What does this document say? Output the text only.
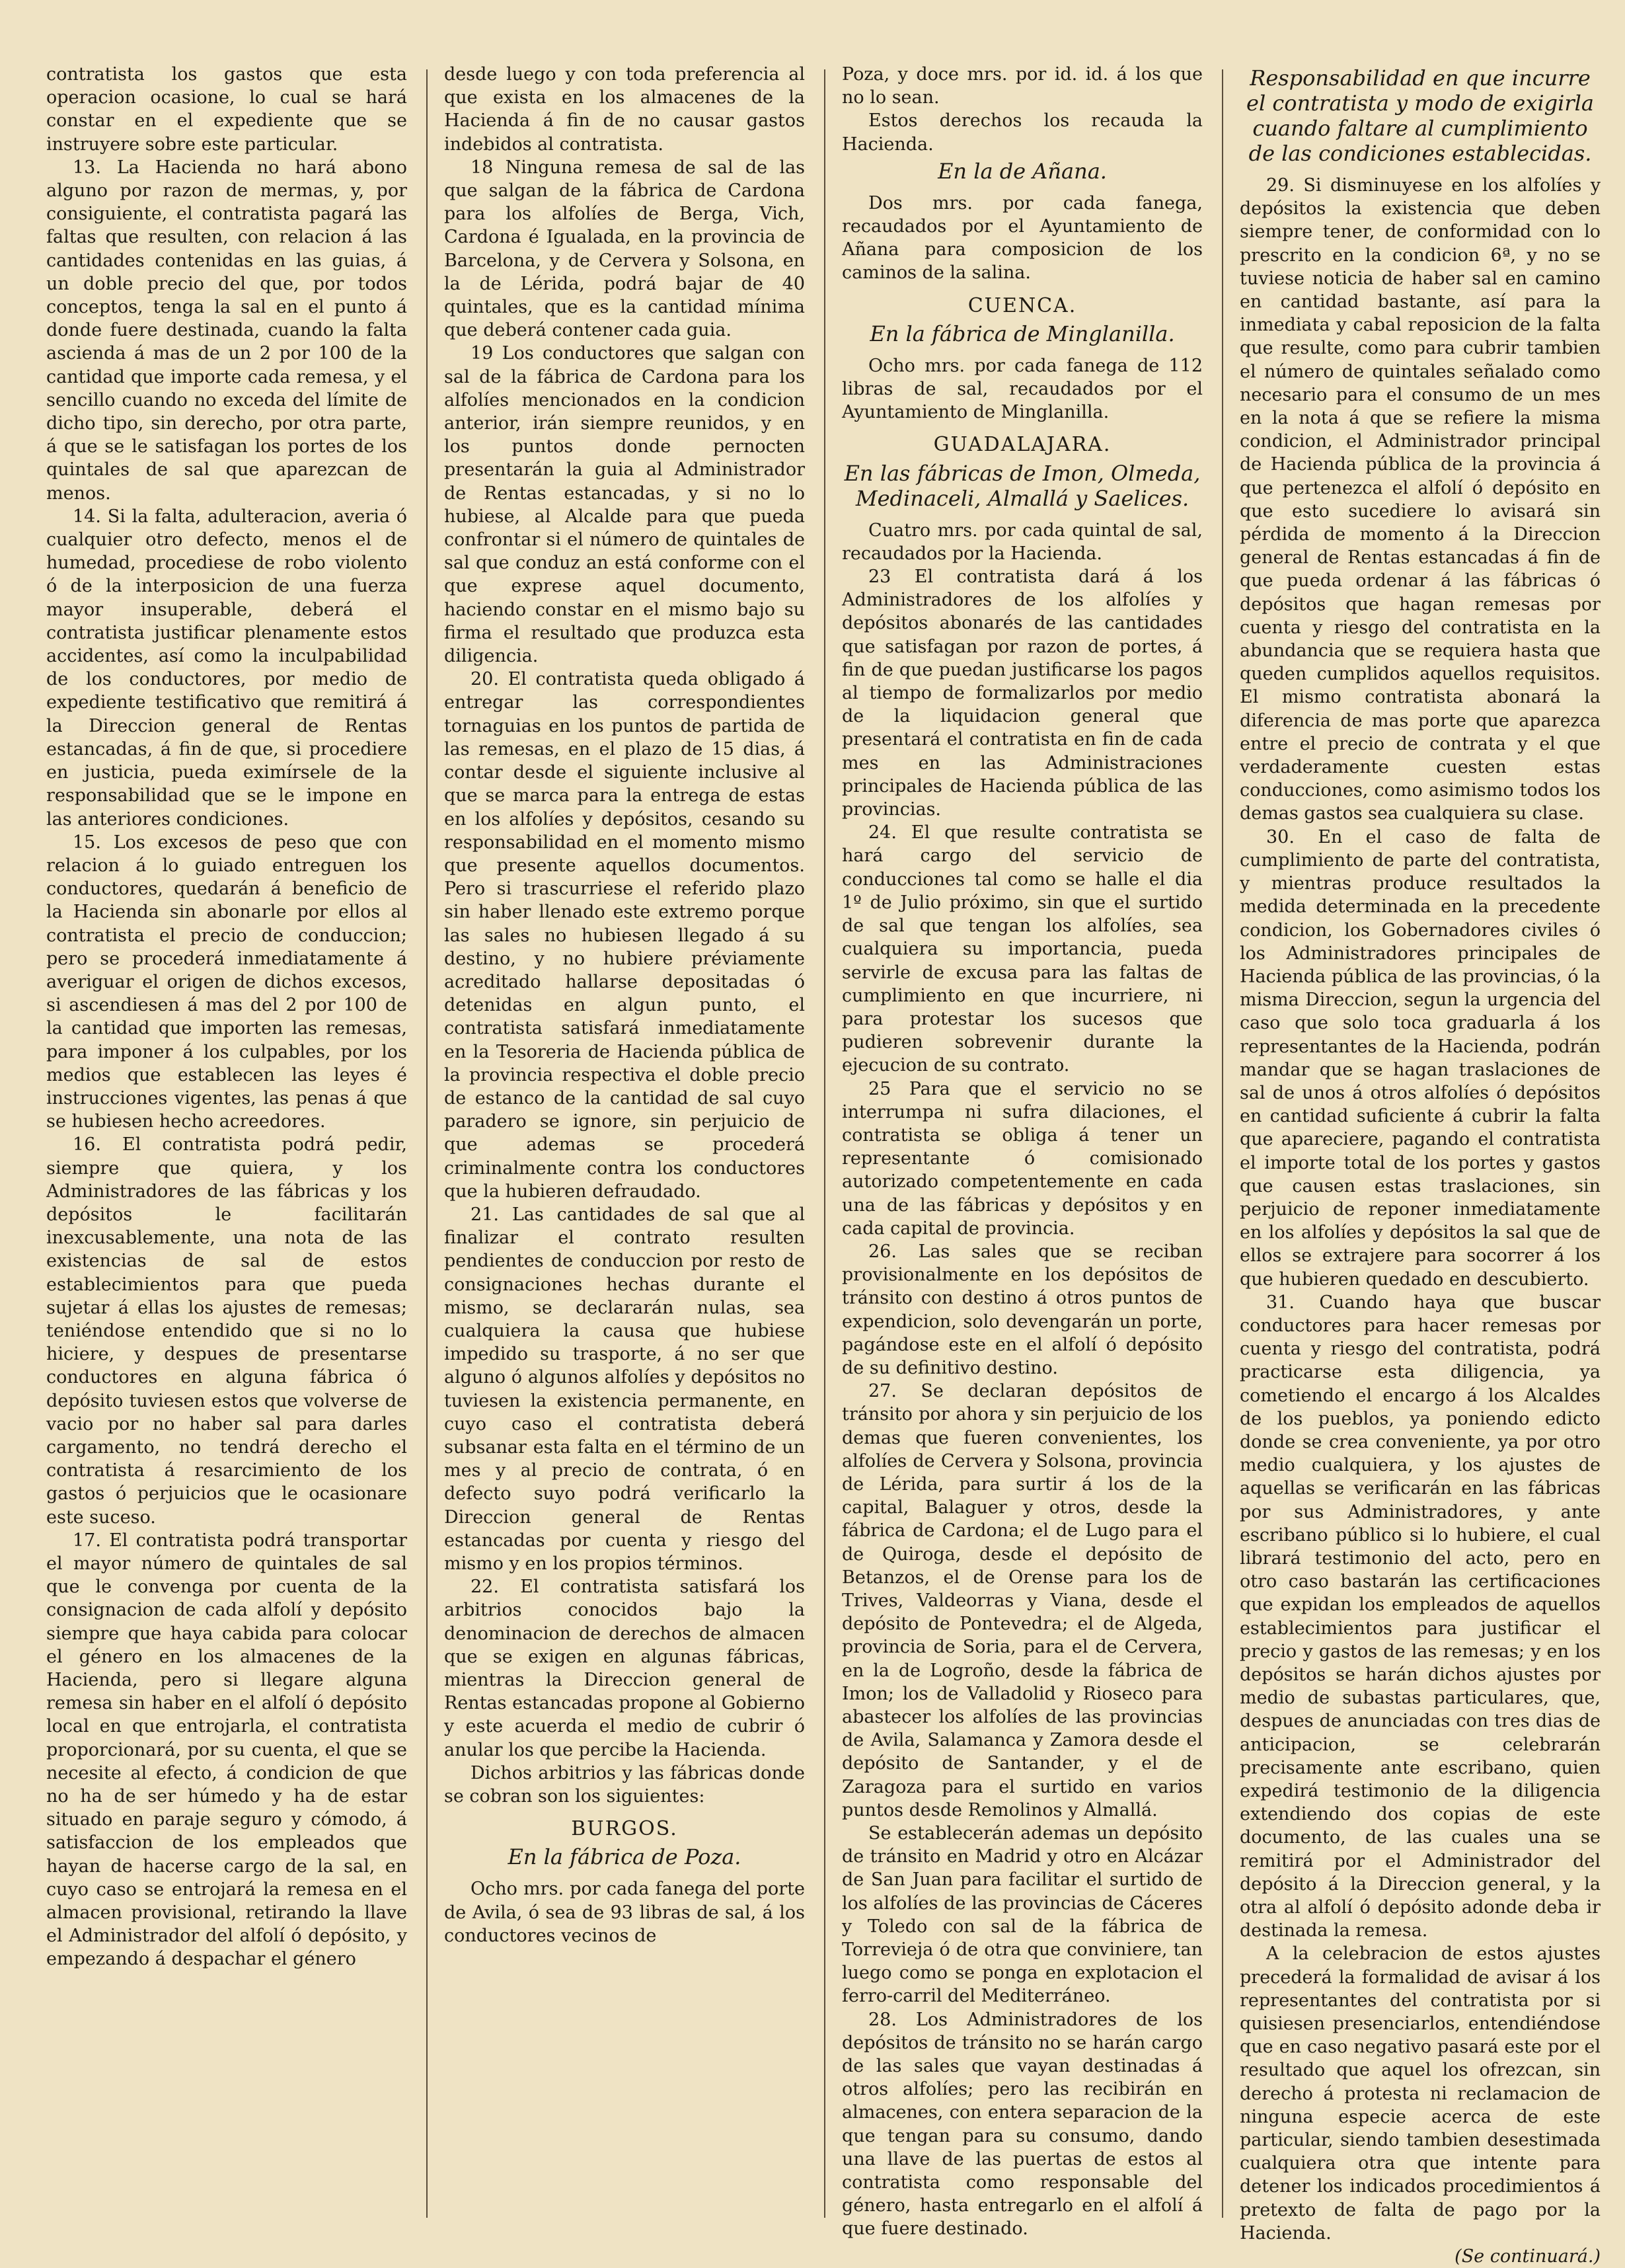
contratista los gastos que esta operacion ocasione, lo cual se hará constar en el expediente que se instruyere sobre este particular.

13. La Hacienda no hará abono alguno por razon de mermas, y, por consiguiente, el contratista pagará las faltas que resulten, con relacion á las cantidades contenidas en las guias, á un doble precio del que, por todos conceptos, tenga la sal en el punto á donde fuere destinada, cuando la falta ascienda á mas de un 2 por 100 de la cantidad que importe cada remesa, y el sencillo cuando no exceda del límite de dicho tipo, sin derecho, por otra parte, á que se le satisfagan los portes de los quintales de sal que aparezcan de menos.

14. Si la falta, adulteracion, averia ó cualquier otro defecto, menos el de humedad, procediese de robo violento ó de la interposicion de una fuerza mayor insuperable, deberá el contratista justificar plenamente estos accidentes, así como la inculpabilidad de los conductores, por medio de expediente testificativo que remitirá á la Direccion general de Rentas estancadas, á fin de que, si procediere en justicia, pueda eximírsele de la responsabilidad que se le impone en las anteriores condiciones.

15. Los excesos de peso que con relacion á lo guiado entreguen los conductores, quedarán á beneficio de la Hacienda sin abonarle por ellos al contratista el precio de conduccion; pero se procederá inmediatamente á averiguar el origen de dichos excesos, si ascendiesen á mas del 2 por 100 de la cantidad que importen las remesas, para imponer á los culpables, por los medios que establecen las leyes é instrucciones vigentes, las penas á que se hubiesen hecho acreedores.

16. El contratista podrá pedir, siempre que quiera, y los Administradores de las fábricas y los depósitos le facilitarán inexcusablemente, una nota de las existencias de sal de estos establecimientos para que pueda sujetar á ellas los ajustes de remesas; teniéndose entendido que si no lo hiciere, y despues de presentarse conductores en alguna fábrica ó depósito tuviesen estos que volverse de vacio por no haber sal para darles cargamento, no tendrá derecho el contratista á resarcimiento de los gastos ó perjuicios que le ocasionare este suceso.

17. El contratista podrá transportar el mayor número de quintales de sal que le convenga por cuenta de la consignacion de cada alfolí y depósito siempre que haya cabida para colocar el género en los almacenes de la Hacienda, pero si llegare alguna remesa sin haber en el alfolí ó depósito local en que entrojarla, el contratista proporcionará, por su cuenta, el que se necesite al efecto, á condicion de que no ha de ser húmedo y ha de estar situado en paraje seguro y cómodo, á satisfaccion de los empleados que hayan de hacerse cargo de la sal, en cuyo caso se entrojará la remesa en el almacen provisional, retirando la llave el Administrador del alfolí ó depósito, y empezando á despachar el género

desde luego y con toda preferencia al que exista en los almacenes de la Hacienda á fin de no causar gastos indebidos al contratista.

18 Ninguna remesa de sal de las que salgan de la fábrica de Cardona para los alfolíes de Berga, Vich, Cardona é Igualada, en la provincia de Barcelona, y de Cervera y Solsona, en la de Lérida, podrá bajar de 40 quintales, que es la cantidad mínima que deberá contener cada guia.

19 Los conductores que salgan con sal de la fábrica de Cardona para los alfolíes mencionados en la condicion anterior, irán siempre reunidos, y en los puntos donde pernocten presentarán la guia al Administrador de Rentas estancadas, y si no lo hubiese, al Alcalde para que pueda confrontar si el número de quintales de sal que conduz an está conforme con el que exprese aquel documento, haciendo constar en el mismo bajo su firma el resultado que produzca esta diligencia.

20. El contratista queda obligado á entregar las correspondientes tornaguias en los puntos de partida de las remesas, en el plazo de 15 dias, á contar desde el siguiente inclusive al que se marca para la entrega de estas en los alfolíes y depósitos, cesando su responsabilidad en el momento mismo que presente aquellos documentos. Pero si trascurriese el referido plazo sin haber llenado este extremo porque las sales no hubiesen llegado á su destino, y no hubiere préviamente acreditado hallarse depositadas ó detenidas en algun punto, el contratista satisfará inmediatamente en la Tesoreria de Hacienda pública de la provincia respectiva el doble precio de estanco de la cantidad de sal cuyo paradero se ignore, sin perjuicio de que ademas se procederá criminalmente contra los conductores que la hubieren defraudado.

21. Las cantidades de sal que al finalizar el contrato resulten pendientes de conduccion por resto de consignaciones hechas durante el mismo, se declararán nulas, sea cualquiera la causa que hubiese impedido su trasporte, á no ser que alguno ó algunos alfolíes y depósitos no tuviesen la existencia permanente, en cuyo caso el contratista deberá subsanar esta falta en el término de un mes y al precio de contrata, ó en defecto suyo podrá verificarlo la Direccion general de Rentas estancadas por cuenta y riesgo del mismo y en los propios términos.

22. El contratista satisfará los arbitrios conocidos bajo la denominacion de derechos de almacen que se exigen en algunas fábricas, mientras la Direccion general de Rentas estancadas propone al Gobierno y este acuerda el medio de cubrir ó anular los que percibe la Hacienda.

Dichos arbitrios y las fábricas donde se cobran son los siguientes:

BURGOS.

En la fábrica de Poza.

Ocho mrs. por cada fanega del porte de Avila, ó sea de 93 libras de sal, á los conductores vecinos de

Poza, y doce mrs. por id. id. á los que no lo sean.

Estos derechos los recauda la Hacienda.

En la de Añana.

Dos mrs. por cada fanega, recaudados por el Ayuntamiento de Añana para composicion de los caminos de la salina.

CUENCA.

En la fábrica de Minglanilla.

Ocho mrs. por cada fanega de 112 libras de sal, recaudados por el Ayuntamiento de Minglanilla.

GUADALAJARA.

En las fábricas de Imon, Olmeda, Medinaceli, Almallá y Saelices.

Cuatro mrs. por cada quintal de sal, recaudados por la Hacienda.

23 El contratista dará á los Administradores de los alfolíes y depósitos abonarés de las cantidades que satisfagan por razon de portes, á fin de que puedan justificarse los pagos al tiempo de formalizarlos por medio de la liquidacion general que presentará el contratista en fin de cada mes en las Administraciones principales de Hacienda pública de las provincias.

24. El que resulte contratista se hará cargo del servicio de conducciones tal como se halle el dia 1º de Julio próximo, sin que el surtido de sal que tengan los alfolíes, sea cualquiera su importancia, pueda servirle de excusa para las faltas de cumplimiento en que incurriere, ni para protestar los sucesos que pudieren sobrevenir durante la ejecucion de su contrato.

25 Para que el servicio no se interrumpa ni sufra dilaciones, el contratista se obliga á tener un representante ó comisionado autorizado competentemente en cada una de las fábricas y depósitos y en cada capital de provincia.

26. Las sales que se reciban provisionalmente en los depósitos de tránsito con destino á otros puntos de expendicion, solo devengarán un porte, pagándose este en el alfolí ó depósito de su definitivo destino.

27. Se declaran depósitos de tránsito por ahora y sin perjuicio de los demas que fueren convenientes, los alfolíes de Cervera y Solsona, provincia de Lérida, para surtir á los de la capital, Balaguer y otros, desde la fábrica de Cardona; el de Lugo para el de Quiroga, desde el depósito de Betanzos, el de Orense para los de Trives, Valdeorras y Viana, desde el depósito de Pontevedra; el de Algeda, provincia de Soria, para el de Cervera, en la de Logroño, desde la fábrica de Imon; los de Valladolid y Rioseco para abastecer los alfolíes de las provincias de Avila, Salamanca y Zamora desde el depósito de Santander, y el de Zaragoza para el surtido en varios puntos desde Remolinos y Almallá.

Se establecerán ademas un depósito de tránsito en Madrid y otro en Alcázar de San Juan para facilitar el surtido de los alfolíes de las provincias de Cáceres y Toledo con sal de la fábrica de Torrevieja ó de otra que conviniere, tan luego como se ponga en explotacion el ferro-carril del Mediterráneo.

28. Los Administradores de los depósitos de tránsito no se harán cargo de las sales que vayan destinadas á otros alfolíes; pero las recibirán en almacenes, con entera separacion de la que tengan para su consumo, dando una llave de las puertas de estos al contratista como responsable del género, hasta entregarlo en el alfolí á que fuere destinado.

Responsabilidad en que incurre el contratista y modo de exigirla cuando faltare al cumplimiento de las condiciones establecidas.

29. Si disminuyese en los alfolíes y depósitos la existencia que deben siempre tener, de conformidad con lo prescrito en la condicion 6ª, y no se tuviese noticia de haber sal en camino en cantidad bastante, así para la inmediata y cabal reposicion de la falta que resulte, como para cubrir tambien el número de quintales señalado como necesario para el consumo de un mes en la nota á que se refiere la misma condicion, el Administrador principal de Hacienda pública de la provincia á que pertenezca el alfolí ó depósito en que esto sucediere lo avisará sin pérdida de momento á la Direccion general de Rentas estancadas á fin de que pueda ordenar á las fábricas ó depósitos que hagan remesas por cuenta y riesgo del contratista en la abundancia que se requiera hasta que queden cumplidos aquellos requisitos. El mismo contratista abonará la diferencia de mas porte que aparezca entre el precio de contrata y el que verdaderamente cuesten estas conducciones, como asimismo todos los demas gastos sea cualquiera su clase.

30. En el caso de falta de cumplimiento de parte del contratista, y mientras produce resultados la medida determinada en la precedente condicion, los Gobernadores civiles ó los Administradores principales de Hacienda pública de las provincias, ó la misma Direccion, segun la urgencia del caso que solo toca graduarla á los representantes de la Hacienda, podrán mandar que se hagan traslaciones de sal de unos á otros alfolíes ó depósitos en cantidad suficiente á cubrir la falta que apareciere, pagando el contratista el importe total de los portes y gastos que causen estas traslaciones, sin perjuicio de reponer inmediatamente en los alfolíes y depósitos la sal que de ellos se extrajere para socorrer á los que hubieren quedado en descubierto.

31. Cuando haya que buscar conductores para hacer remesas por cuenta y riesgo del contratista, podrá practicarse esta diligencia, ya cometiendo el encargo á los Alcaldes de los pueblos, ya poniendo edicto donde se crea conveniente, ya por otro medio cualquiera, y los ajustes de aquellas se verificarán en las fábricas por sus Administradores, y ante escribano público si lo hubiere, el cual librará testimonio del acto, pero en otro caso bastarán las certificaciones que expidan los empleados de aquellos establecimientos para justificar el precio y gastos de las remesas; y en los depósitos se harán dichos ajustes por medio de subastas particulares, que, despues de anunciadas con tres dias de anticipacion, se celebrarán precisamente ante escribano, quien expedirá testimonio de la diligencia extendiendo dos copias de este documento, de las cuales una se remitirá por el Administrador del depósito á la Direccion general, y la otra al alfolí ó depósito adonde deba ir destinada la remesa.

A la celebracion de estos ajustes precederá la formalidad de avisar á los representantes del contratista por si quisiesen presenciarlos, entendiéndose que en caso negativo pasará este por el resultado que aquel los ofrezcan, sin derecho á protesta ni reclamacion de ninguna especie acerca de este particular, siendo tambien desestimada cualquiera otra que intente para detener los indicados procedimientos á pretexto de falta de pago por la Hacienda.

(Se continuará.)
